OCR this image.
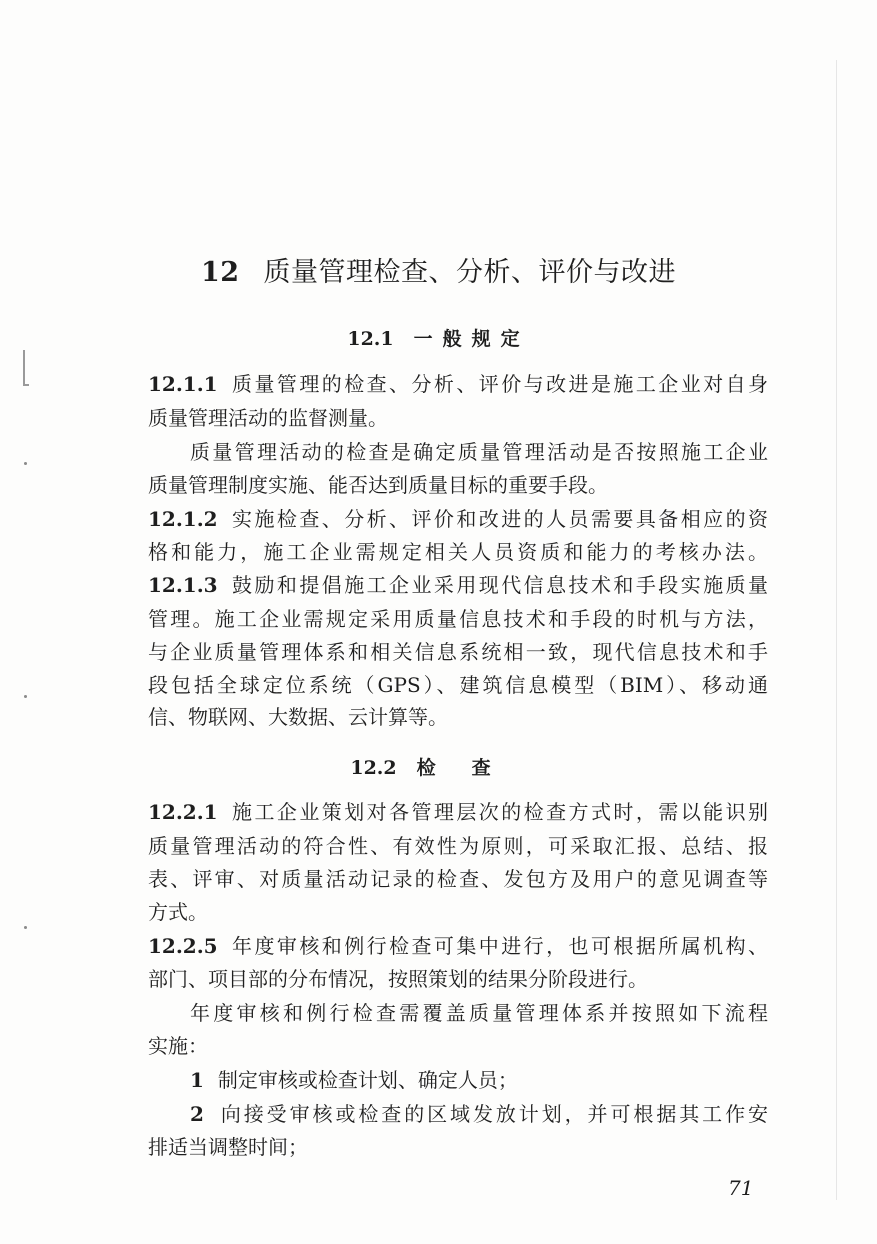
12 质量管理检查、分析、评价与改进
12.1 一般规定
12.1.1 质量管理的检查、分析、评价与改进是施工企业对自身
质量管理活动的监督测量。
质量管理活动的检查是确定质量管理活动是否按照施工企业
质量管理制度实施、能否达到质量目标的重要手段。
12.1.2 实施检查、分析、评价和改进的人员需要具备相应的资
格和能力，施工企业需规定相关人员资质和能力的考核办法。
12.1.3 鼓励和提倡施工企业采用现代信息技术和手段实施质量
管理。施工企业需规定采用质量信息技术和手段的时机与方法，
与企业质量管理体系和相关信息系统相一致，现代信息技术和手
段包括全球定位系统（GPS）、建筑信息模型（BIM）、移动通
信、物联网、大数据、云计算等。
12.2 检查
12.2.1 施工企业策划对各管理层次的检查方式时，需以能识别
质量管理活动的符合性、有效性为原则，可采取汇报、总结、报
表、评审、对质量活动记录的检查、发包方及用户的意见调查等
方式。
12.2.5 年度审核和例行检查可集中进行，也可根据所属机构、
部门、项目部的分布情况，按照策划的结果分阶段进行。
年度审核和例行检查需覆盖质量管理体系并按照如下流程
实施：
1 制定审核或检查计划、确定人员；
2 向接受审核或检查的区域发放计划，并可根据其工作安
排适当调整时间；
71
